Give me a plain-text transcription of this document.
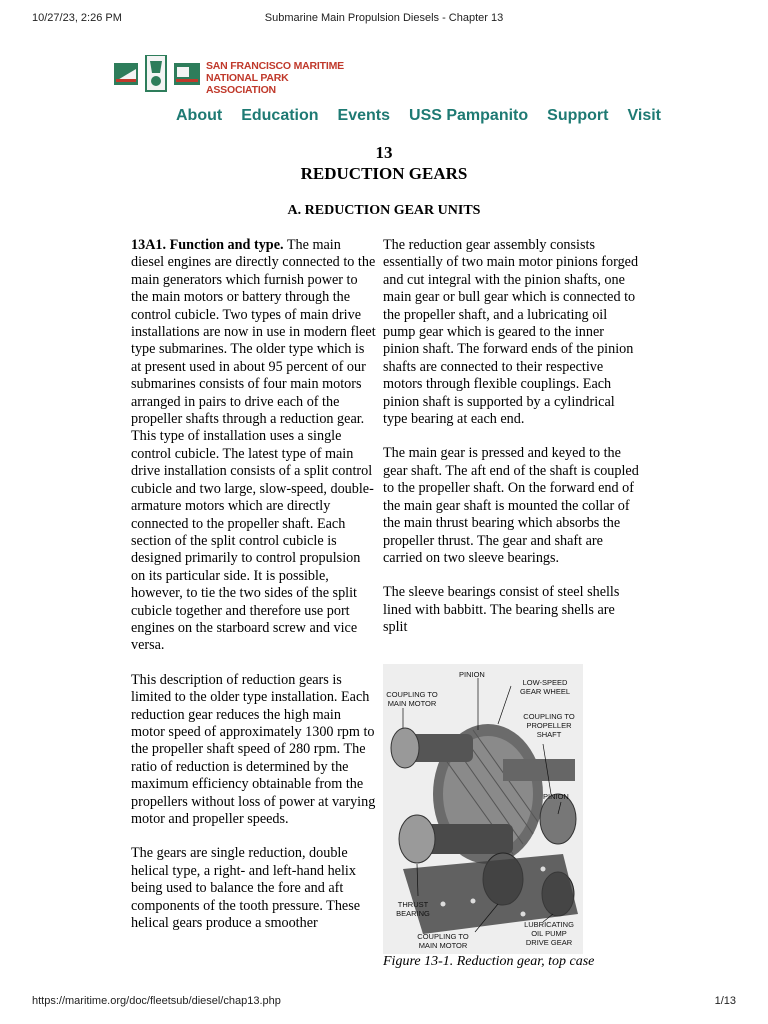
10/27/23, 2:26 PM	Submarine Main Propulsion Diesels - Chapter 13
SAN FRANCISCO MARITIME
NATIONAL PARK ASSOCIATION
About Education Events USS Pampanito Support Visit
13
REDUCTION GEARS
A. REDUCTION GEAR UNITS

13A1. Function and type. The main diesel engines are directly connected to the main generators which furnish power to the main motors or battery through the control cubicle. Two types of main drive installations are now in use in modern fleet type submarines. The older type which is at present used in about 95 percent of our submarines consists of four main motors arranged in pairs to drive each of the propeller shafts through a reduction gear. This type of installation uses a single control cubicle. The latest type of main drive installation consists of a split control cubicle and two large, slow-speed, double-armature motors which are directly connected to the propeller shaft. Each section of the split control cubicle is designed primarily to control propulsion on its particular side. It is possible, however, to tie the two sides of the split cubicle together and therefore use port engines on the starboard screw and vice versa.

This description of reduction gears is limited to the older type installation. Each reduction gear reduces the high main motor speed of approximately 1300 rpm to the propeller shaft speed of 280 rpm. The ratio of reduction is determined by the maximum efficiency obtainable from the propellers without loss of power at varying motor and propeller speeds.

The gears are single reduction, double helical type, a right- and left-hand helix being used to balance the fore and aft components of the tooth pressure. These helical gears produce a smoother

The reduction gear assembly consists essentially of two main motor pinions forged and cut integral with the pinion shafts, one main gear or bull gear which is connected to the propeller shaft, and a lubricating oil pump gear which is geared to the inner pinion shaft. The forward ends of the pinion shafts are connected to their respective motors through flexible couplings. Each pinion shaft is supported by a cylindrical type bearing at each end.

The main gear is pressed and keyed to the gear shaft. The aft end of the shaft is coupled to the propeller shaft. On the forward end of the main gear shaft is mounted the collar of the main thrust bearing which absorbs the propeller thrust. The gear and shaft are carried on two sleeve bearings.

The sleeve bearings consist of steel shells lined with babbitt. The bearing shells are split

PINION
LOW-SPEED GEAR WHEEL
COUPLING TO MAIN MOTOR
COUPLING TO PROPELLER SHAFT
PINION
THRUST BEARING
COUPLING TO MAIN MOTOR
LUBRICATING OIL PUMP DRIVE GEAR
Figure 13-1. Reduction gear, top case
https://maritime.org/doc/fleetsub/diesel/chap13.php	1/13
